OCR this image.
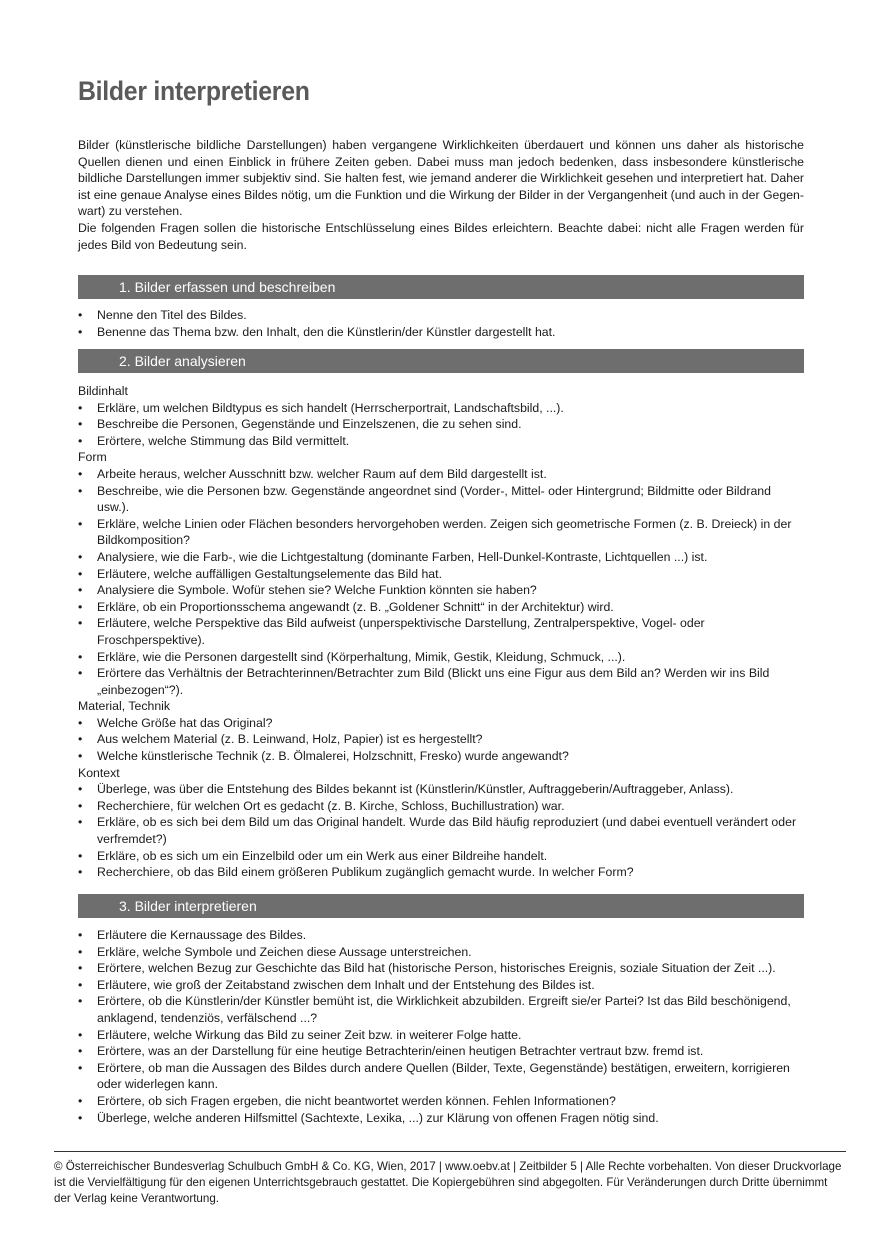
Bilder interpretieren

Bilder (künstlerische bildliche Darstellungen) haben vergangene Wirklichkeiten überdauert und können uns daher als historische Quellen dienen und einen Einblick in frühere Zeiten geben. Dabei muss man jedoch bedenken, dass insbesondere künstlerische bildliche Darstellungen immer subjektiv sind. Sie halten fest, wie jemand anderer die Wirklichkeit gesehen und interpretiert hat. Daher ist eine genaue Analyse eines Bildes nötig, um die Funktion und die Wirkung der Bilder in der Vergangenheit (und auch in der Gegenwart) zu verstehen.

Die folgenden Fragen sollen die historische Entschlüsselung eines Bildes erleichtern. Beachte dabei: nicht alle Fragen werden für jedes Bild von Bedeutung sein.

1. Bilder erfassen und beschreiben
• Nenne den Titel des Bildes.
• Benenne das Thema bzw. den Inhalt, den die Künstlerin/der Künstler dargestellt hat.
2. Bilder analysieren
Bildinhalt
• Erkläre, um welchen Bildtypus es sich handelt (Herrscherportrait, Landschaftsbild, ...).
• Beschreibe die Personen, Gegenstände und Einzelszenen, die zu sehen sind.
• Erörtere, welche Stimmung das Bild vermittelt.
Form
• Arbeite heraus, welcher Ausschnitt bzw. welcher Raum auf dem Bild dargestellt ist.
• Beschreibe, wie die Personen bzw. Gegenstände angeordnet sind (Vorder-, Mittel- oder Hintergrund; Bildmitte oder Bildrand usw.).
• Erkläre, welche Linien oder Flächen besonders hervorgehoben werden. Zeigen sich geometrische Formen (z. B. Dreieck) in der Bildkomposition?
• Analysiere, wie die Farb-, wie die Lichtgestaltung (dominante Farben, Hell-Dunkel-Kontraste, Lichtquellen ...) ist.
• Erläutere, welche auffälligen Gestaltungselemente das Bild hat.
• Analysiere die Symbole. Wofür stehen sie? Welche Funktion könnten sie haben?
• Erkläre, ob ein Proportionsschema angewandt (z. B. „Goldener Schnitt“ in der Architektur) wird.
• Erläutere, welche Perspektive das Bild aufweist (unperspektivische Darstellung, Zentralperspektive, Vogel- oder Froschperspektive).
• Erkläre, wie die Personen dargestellt sind (Körperhaltung, Mimik, Gestik, Kleidung, Schmuck, ...).
• Erörtere das Verhältnis der Betrachterinnen/Betrachter zum Bild (Blickt uns eine Figur aus dem Bild an? Werden wir ins Bild „einbezogen“?).
Material, Technik
• Welche Größe hat das Original?
• Aus welchem Material (z. B. Leinwand, Holz, Papier) ist es hergestellt?
• Welche künstlerische Technik (z. B. Ölmalerei, Holzschnitt, Fresko) wurde angewandt?
Kontext
• Überlege, was über die Entstehung des Bildes bekannt ist (Künstlerin/Künstler, Auftraggeberin/Auftraggeber, Anlass).
• Recherchiere, für welchen Ort es gedacht (z. B. Kirche, Schloss, Buchillustration) war.
• Erkläre, ob es sich bei dem Bild um das Original handelt. Wurde das Bild häufig reproduziert (und dabei eventuell verändert oder verfremdet?)
• Erkläre, ob es sich um ein Einzelbild oder um ein Werk aus einer Bildreihe handelt.
• Recherchiere, ob das Bild einem größeren Publikum zugänglich gemacht wurde. In welcher Form?
3. Bilder interpretieren
• Erläutere die Kernaussage des Bildes.
• Erkläre, welche Symbole und Zeichen diese Aussage unterstreichen.
• Erörtere, welchen Bezug zur Geschichte das Bild hat (historische Person, historisches Ereignis, soziale Situation der Zeit ...).
• Erläutere, wie groß der Zeitabstand zwischen dem Inhalt und der Entstehung des Bildes ist.
• Erörtere, ob die Künstlerin/der Künstler bemüht ist, die Wirklichkeit abzubilden. Ergreift sie/er Partei? Ist das Bild beschönigend, anklagend, tendenziös, verfälschend ...?
• Erläutere, welche Wirkung das Bild zu seiner Zeit bzw. in weiterer Folge hatte.
• Erörtere, was an der Darstellung für eine heutige Betrachterin/einen heutigen Betrachter vertraut bzw. fremd ist.
• Erörtere, ob man die Aussagen des Bildes durch andere Quellen (Bilder, Texte, Gegenstände) bestätigen, erweitern, korrigieren oder widerlegen kann.
• Erörtere, ob sich Fragen ergeben, die nicht beantwortet werden können. Fehlen Informationen?
• Überlege, welche anderen Hilfsmittel (Sachtexte, Lexika, ...) zur Klärung von offenen Fragen nötig sind.

© Österreichischer Bundesverlag Schulbuch GmbH & Co. KG, Wien, 2017 | www.oebv.at | Zeitbilder 5 | Alle Rechte vorbehalten. Von dieser Druckvorlage ist die Vervielfältigung für den eigenen Unterrichtsgebrauch gestattet. Die Kopiergebühren sind abgegolten. Für Veränderungen durch Dritte übernimmt der Verlag keine Verantwortung.
